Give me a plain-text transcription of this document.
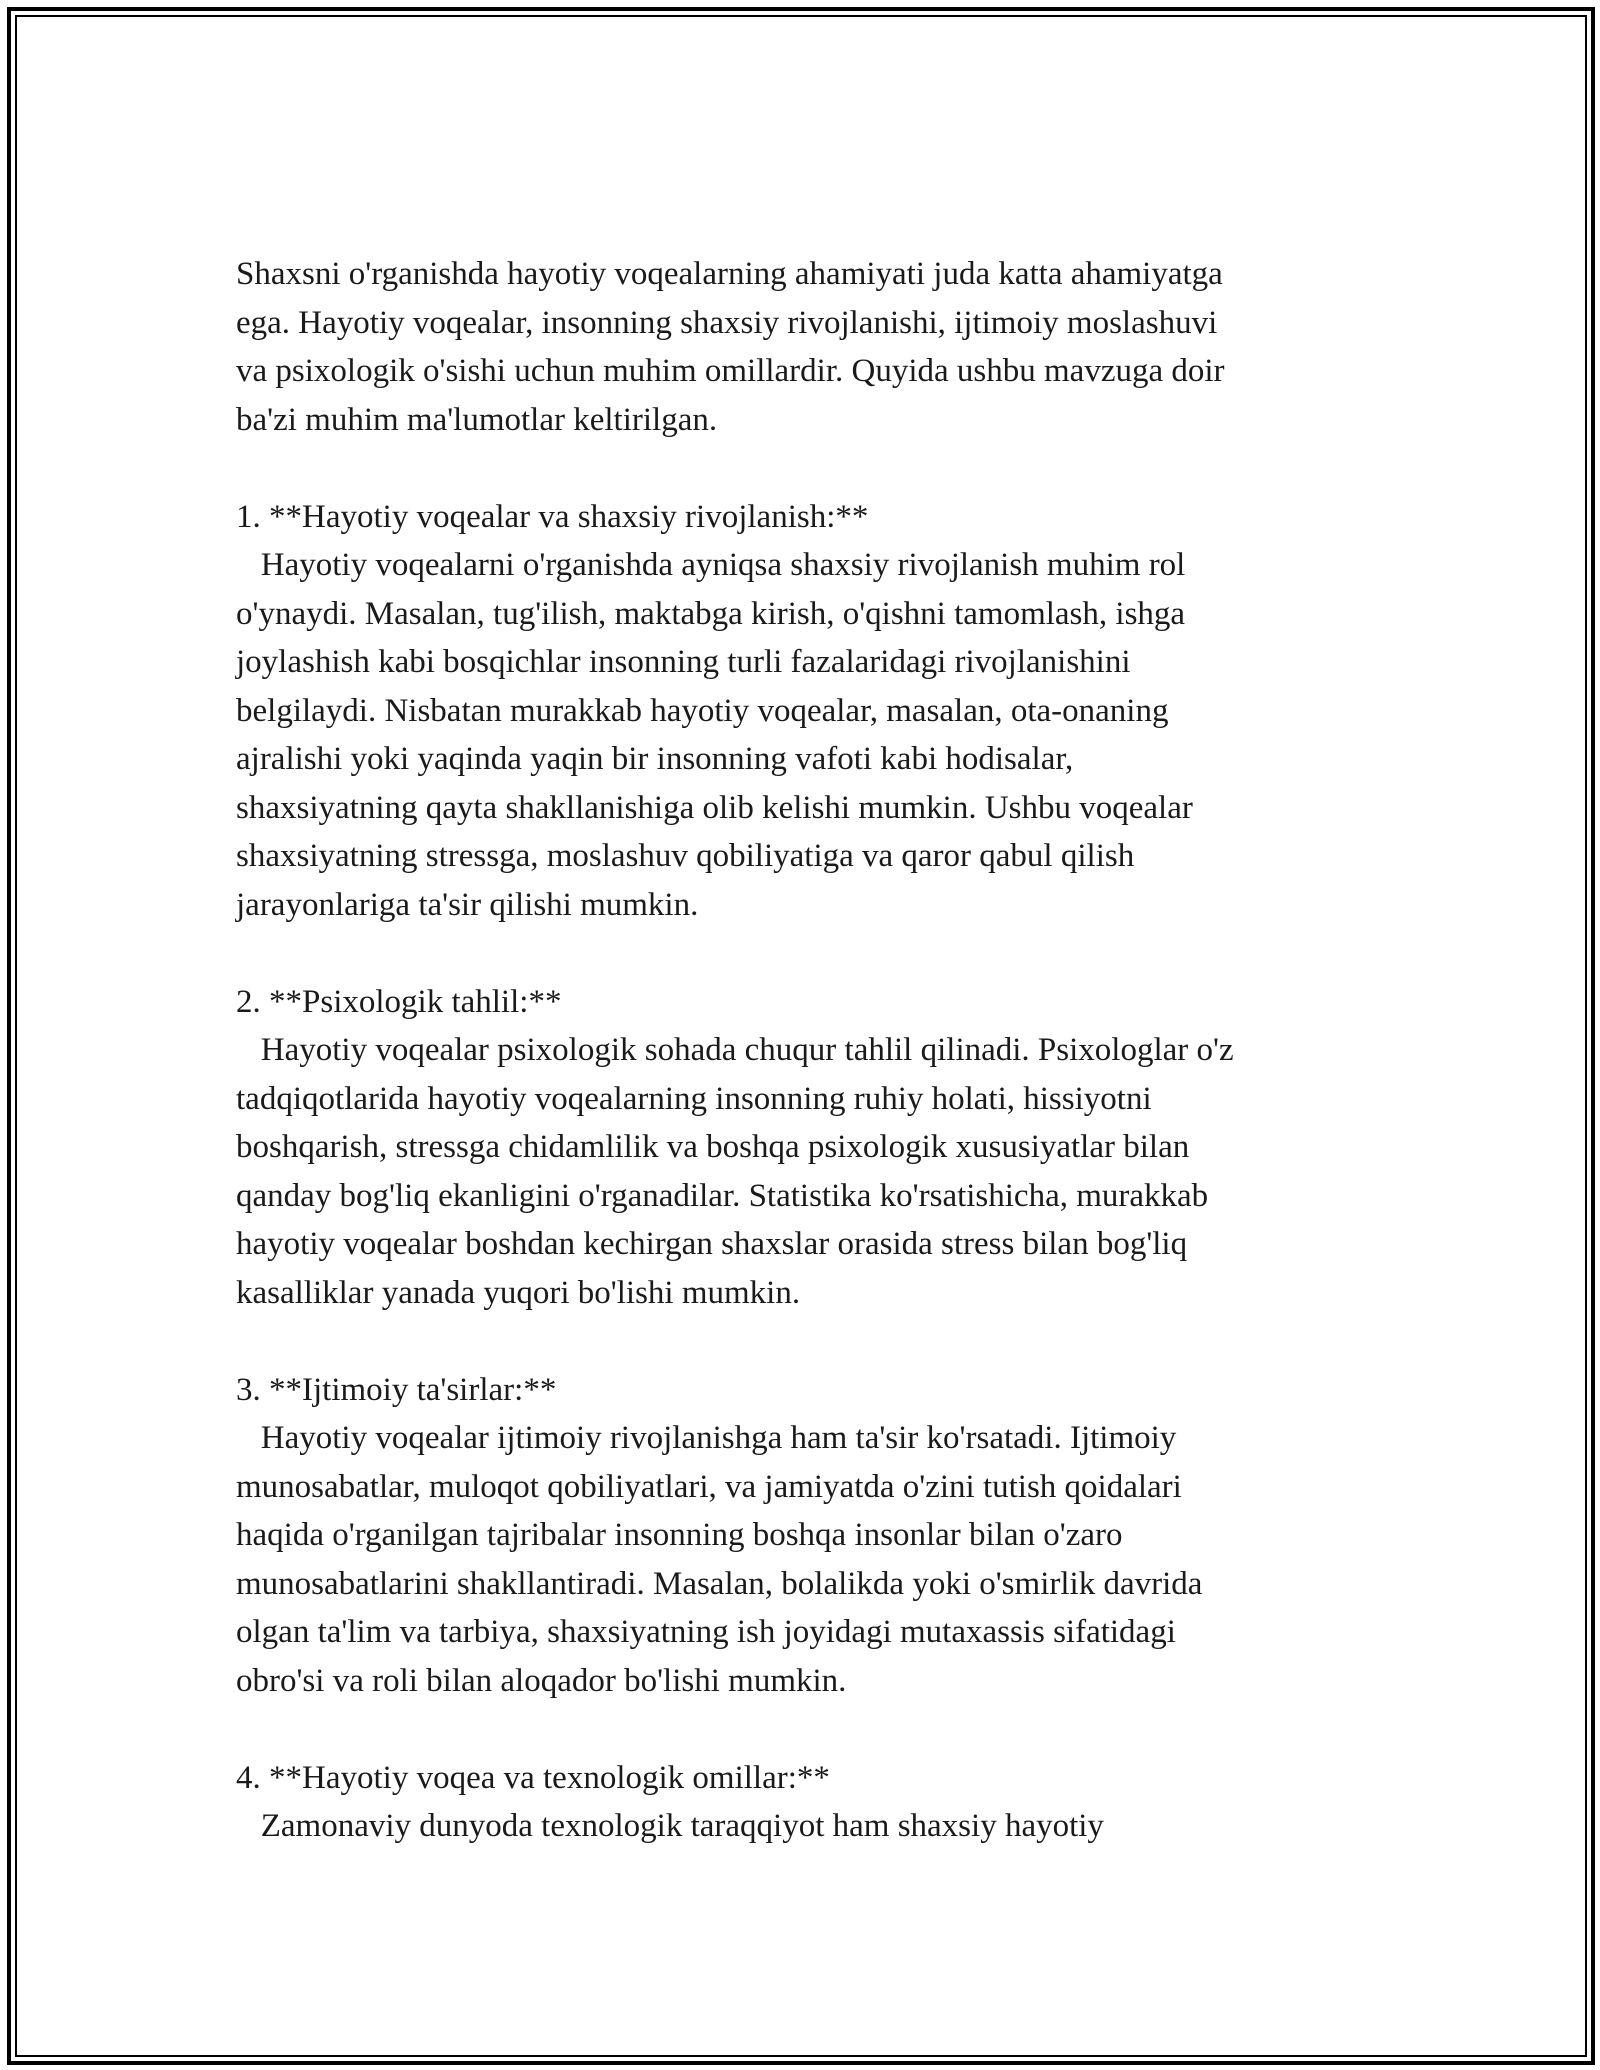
Shaxsni o'rganishda hayotiy voqealarning ahamiyati juda katta ahamiyatga
ega. Hayotiy voqealar, insonning shaxsiy rivojlanishi, ijtimoiy moslashuvi
va psixologik o'sishi uchun muhim omillardir. Quyida ushbu mavzuga doir
ba'zi muhim ma'lumotlar keltirilgan.
1. **Hayotiy voqealar va shaxsiy rivojlanish:**
Hayotiy voqealarni o'rganishda ayniqsa shaxsiy rivojlanish muhim rol
o'ynaydi. Masalan, tug'ilish, maktabga kirish, o'qishni tamomlash, ishga
joylashish kabi bosqichlar insonning turli fazalaridagi rivojlanishini
belgilaydi. Nisbatan murakkab hayotiy voqealar, masalan, ota-onaning
ajralishi yoki yaqinda yaqin bir insonning vafoti kabi hodisalar,
shaxsiyatning qayta shakllanishiga olib kelishi mumkin. Ushbu voqealar
shaxsiyatning stressga, moslashuv qobiliyatiga va qaror qabul qilish
jarayonlariga ta'sir qilishi mumkin.
2. **Psixologik tahlil:**
Hayotiy voqealar psixologik sohada chuqur tahlil qilinadi. Psixologlar o'z
tadqiqotlarida hayotiy voqealarning insonning ruhiy holati, hissiyotni
boshqarish, stressga chidamlilik va boshqa psixologik xususiyatlar bilan
qanday bog'liq ekanligini o'rganadilar. Statistika ko'rsatishicha, murakkab
hayotiy voqealar boshdan kechirgan shaxslar orasida stress bilan bog'liq
kasalliklar yanada yuqori bo'lishi mumkin.
3. **Ijtimoiy ta'sirlar:**
Hayotiy voqealar ijtimoiy rivojlanishga ham ta'sir ko'rsatadi. Ijtimoiy
munosabatlar, muloqot qobiliyatlari, va jamiyatda o'zini tutish qoidalari
haqida o'rganilgan tajribalar insonning boshqa insonlar bilan o'zaro
munosabatlarini shakllantiradi. Masalan, bolalikda yoki o'smirlik davrida
olgan ta'lim va tarbiya, shaxsiyatning ish joyidagi mutaxassis sifatidagi
obro'si va roli bilan aloqador bo'lishi mumkin.
4. **Hayotiy voqea va texnologik omillar:**
Zamonaviy dunyoda texnologik taraqqiyot ham shaxsiy hayotiy
